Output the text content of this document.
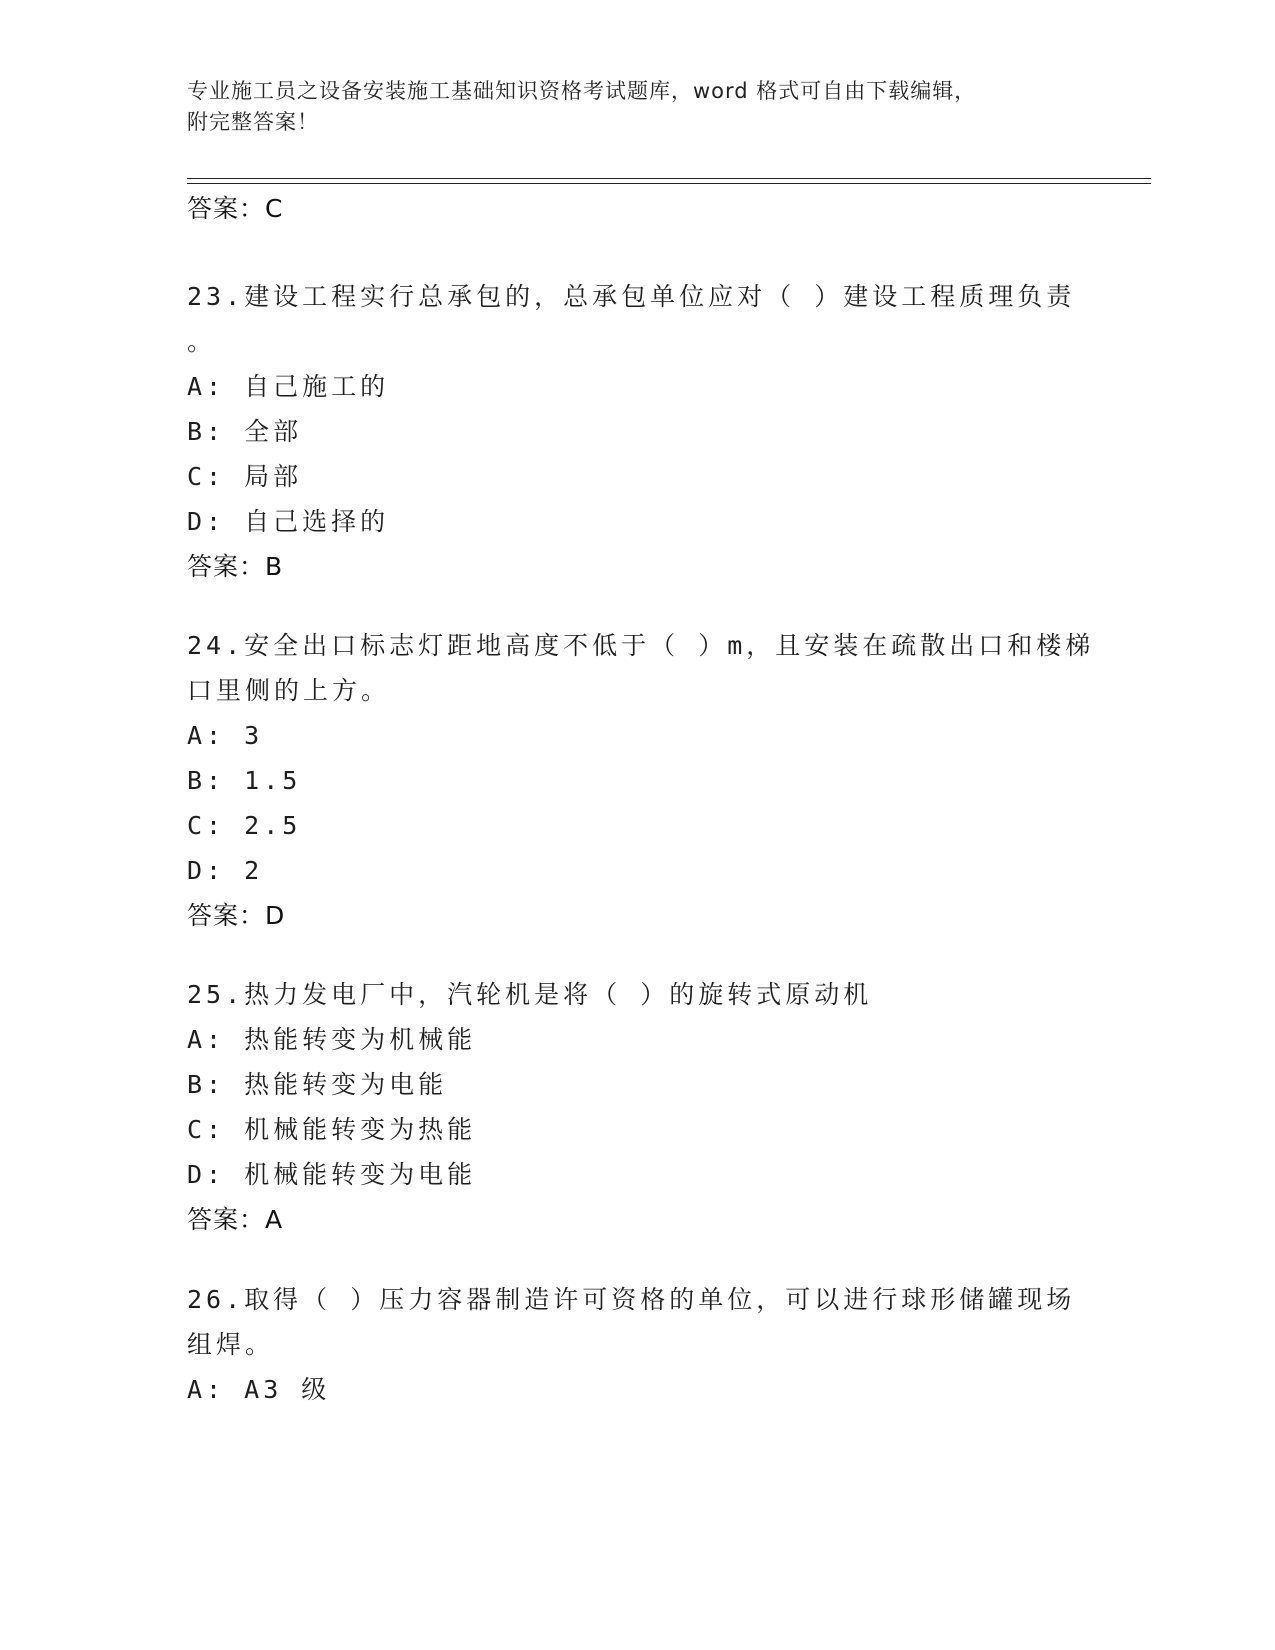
专业施工员之设备安装施工基础知识资格考试题库，word 格式可自由下载编辑，
附完整答案！
答案：C
23.建设工程实行总承包的，总承包单位应对（ ）建设工程质理负责
。
A: 自己施工的
B: 全部
C: 局部
D: 自己选择的
答案：B
24.安全出口标志灯距地高度不低于（ ）m，且安装在疏散出口和楼梯
口里侧的上方。
A: 3
B: 1.5
C: 2.5
D: 2
答案：D
25.热力发电厂中，汽轮机是将（ ）的旋转式原动机
A: 热能转变为机械能
B: 热能转变为电能
C: 机械能转变为热能
D: 机械能转变为电能
答案：A
26.取得（ ）压力容器制造许可资格的单位，可以进行球形储罐现场
组焊。
A: A3 级
